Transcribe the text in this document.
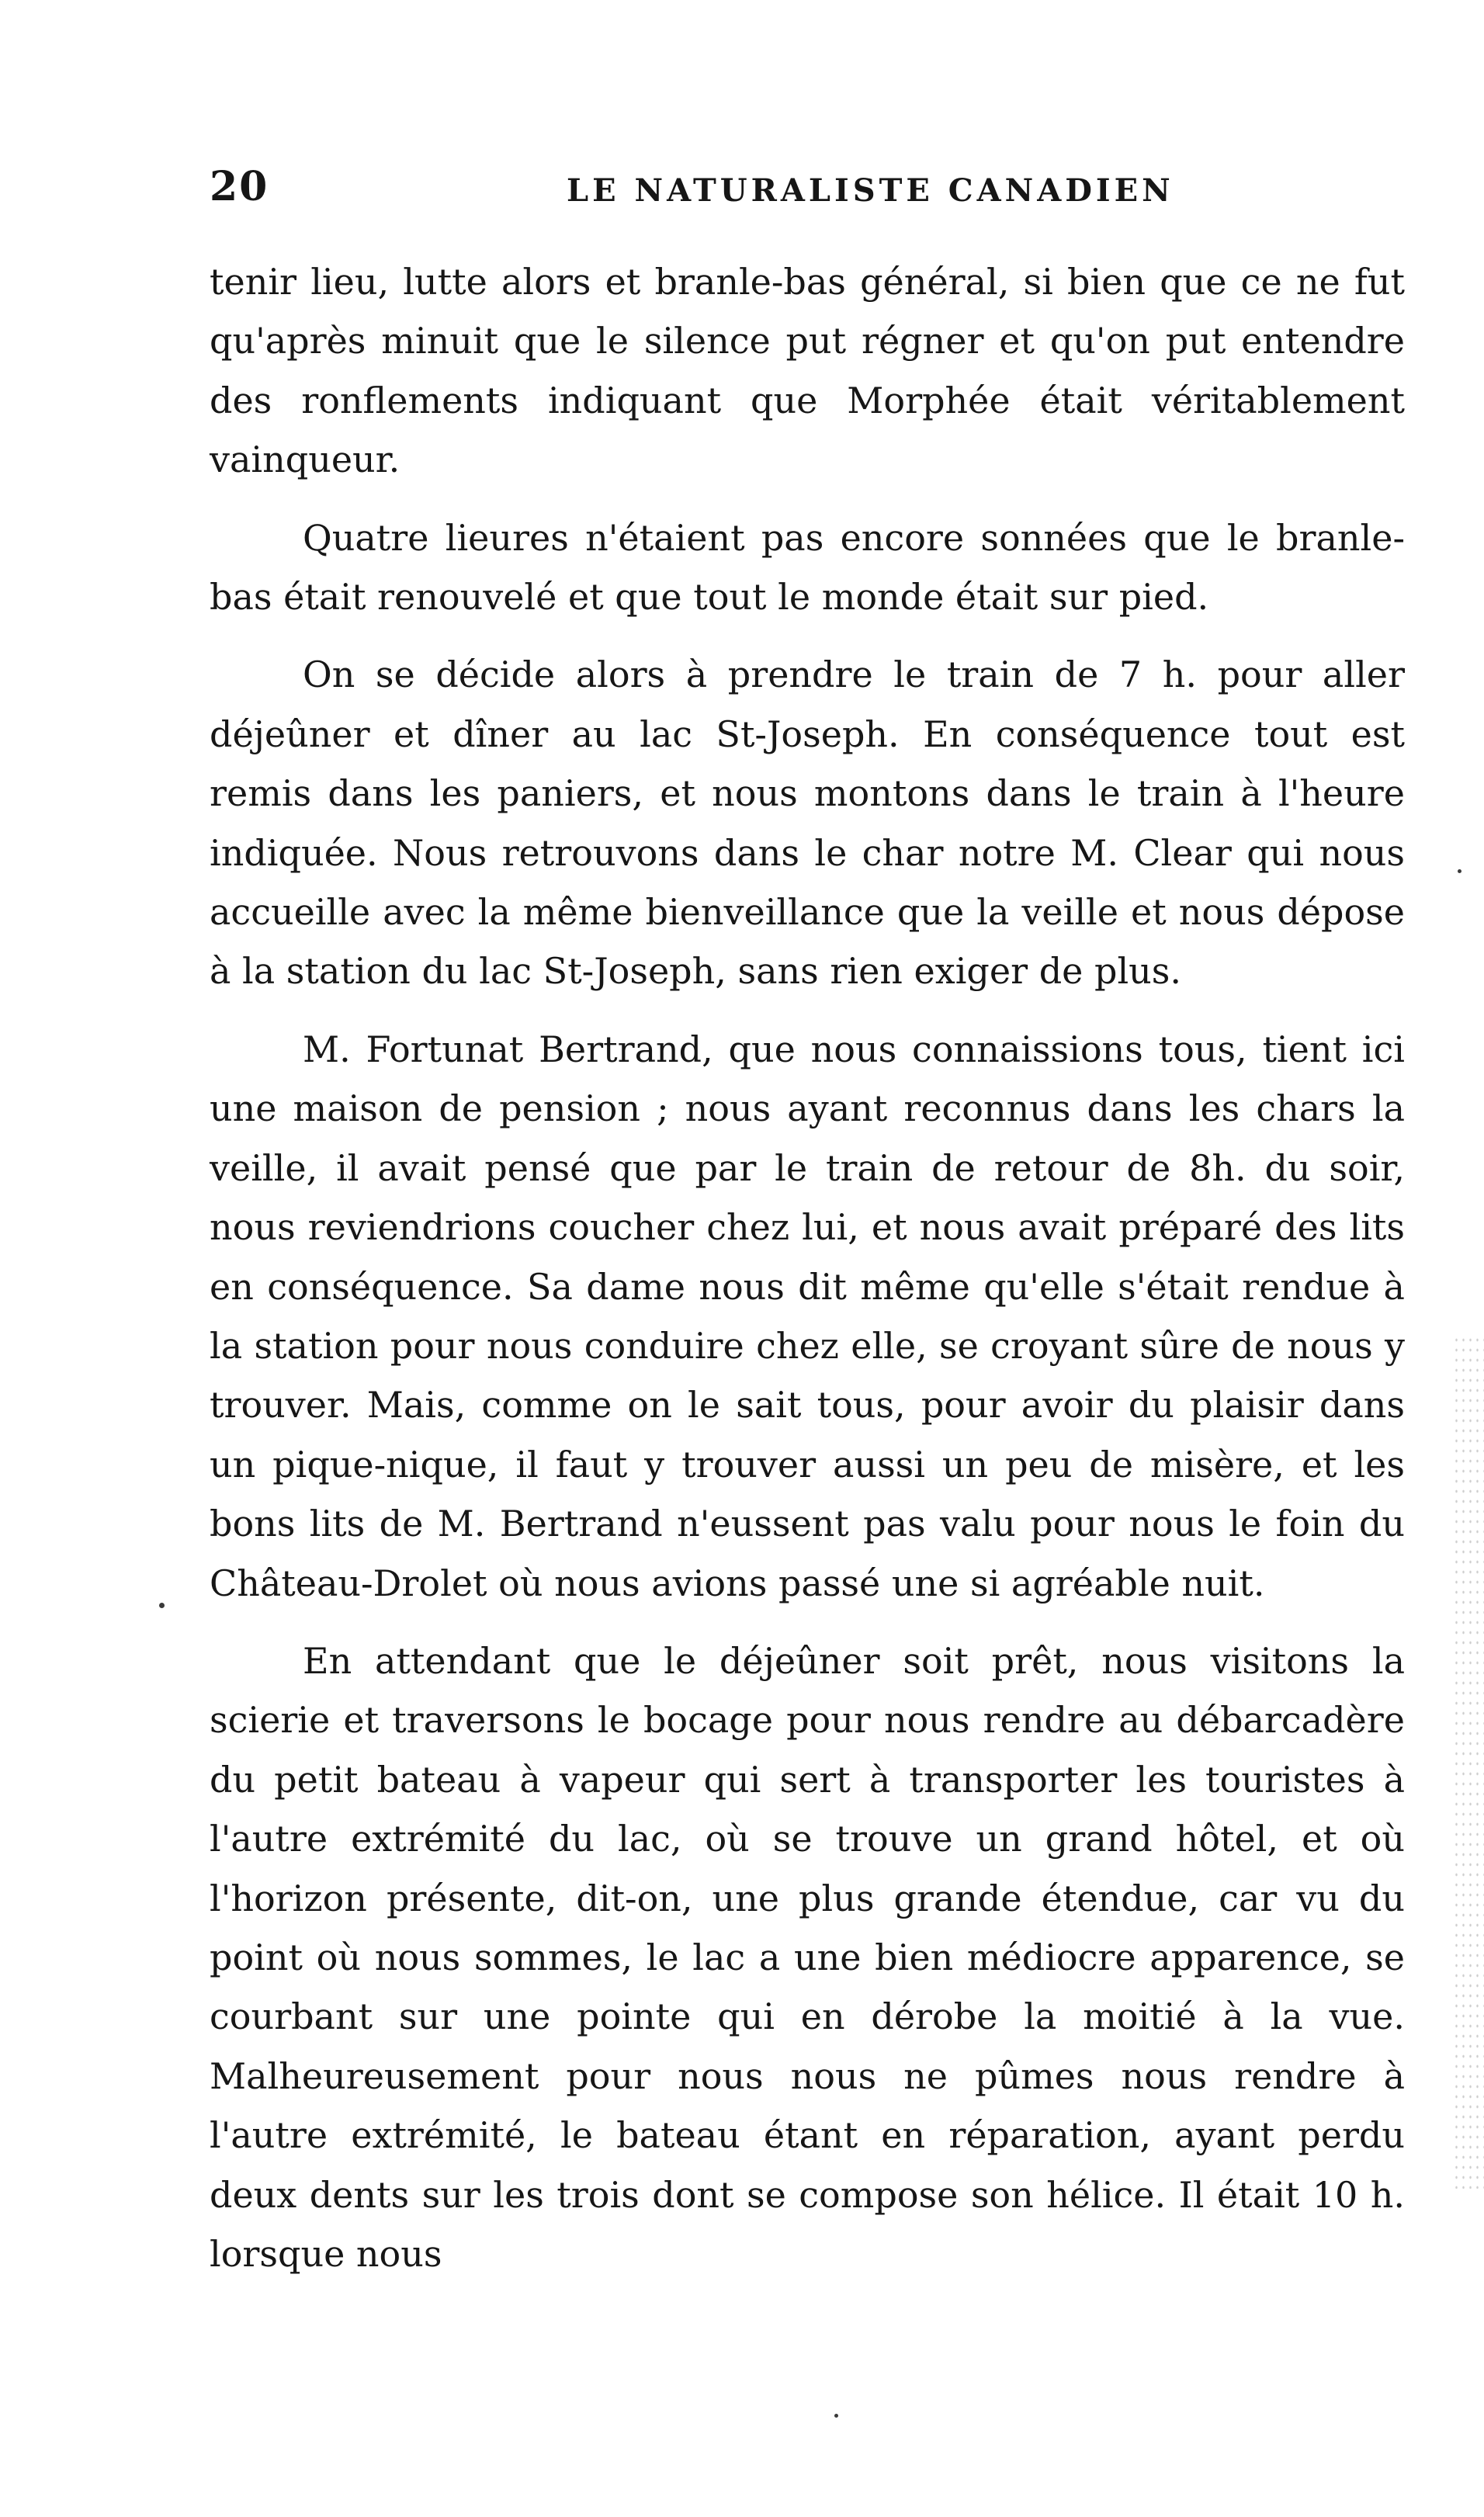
20	LE NATURALISTE CANADIEN

tenir lieu, lutte alors et branle-bas général, si bien que ce ne fut qu'après minuit que le silence put régner et qu'on put entendre des ronflements indiquant que Morphée était véritablement vainqueur.

Quatre lieures n'étaient pas encore sonnées que le branle-bas était renouvelé et que tout le monde était sur pied.

On se décide alors à prendre le train de 7 h. pour aller déjeûner et dîner au lac St-Joseph. En conséquence tout est remis dans les paniers, et nous montons dans le train à l'heure indiquée. Nous retrouvons dans le char notre M. Clear qui nous accueille avec la même bienveillance que la veille et nous dépose à la station du lac St-Joseph, sans rien exiger de plus.

M. Fortunat Bertrand, que nous connaissions tous, tient ici une maison de pension ; nous ayant reconnus dans les chars la veille, il avait pensé que par le train de retour de 8h. du soir, nous reviendrions coucher chez lui, et nous avait préparé des lits en conséquence. Sa dame nous dit même qu'elle s'était rendue à la station pour nous conduire chez elle, se croyant sûre de nous y trouver. Mais, comme on le sait tous, pour avoir du plaisir dans un pique-nique, il faut y trouver aussi un peu de misère, et les bons lits de M. Bertrand n'eussent pas valu pour nous le foin du Château-Drolet où nous avions passé une si agréable nuit.

En attendant que le déjeûner soit prêt, nous visitons la scierie et traversons le bocage pour nous rendre au débarcadère du petit bateau à vapeur qui sert à transporter les touristes à l'autre extrémité du lac, où se trouve un grand hôtel, et où l'horizon présente, dit-on, une plus grande étendue, car vu du point où nous sommes, le lac a une bien médiocre apparence, se courbant sur une pointe qui en dérobe la moitié à la vue. Malheureusement pour nous nous ne pûmes nous rendre à l'autre extrémité, le bateau étant en réparation, ayant perdu deux dents sur les trois dont se compose son hélice. Il était 10 h. lorsque nous
